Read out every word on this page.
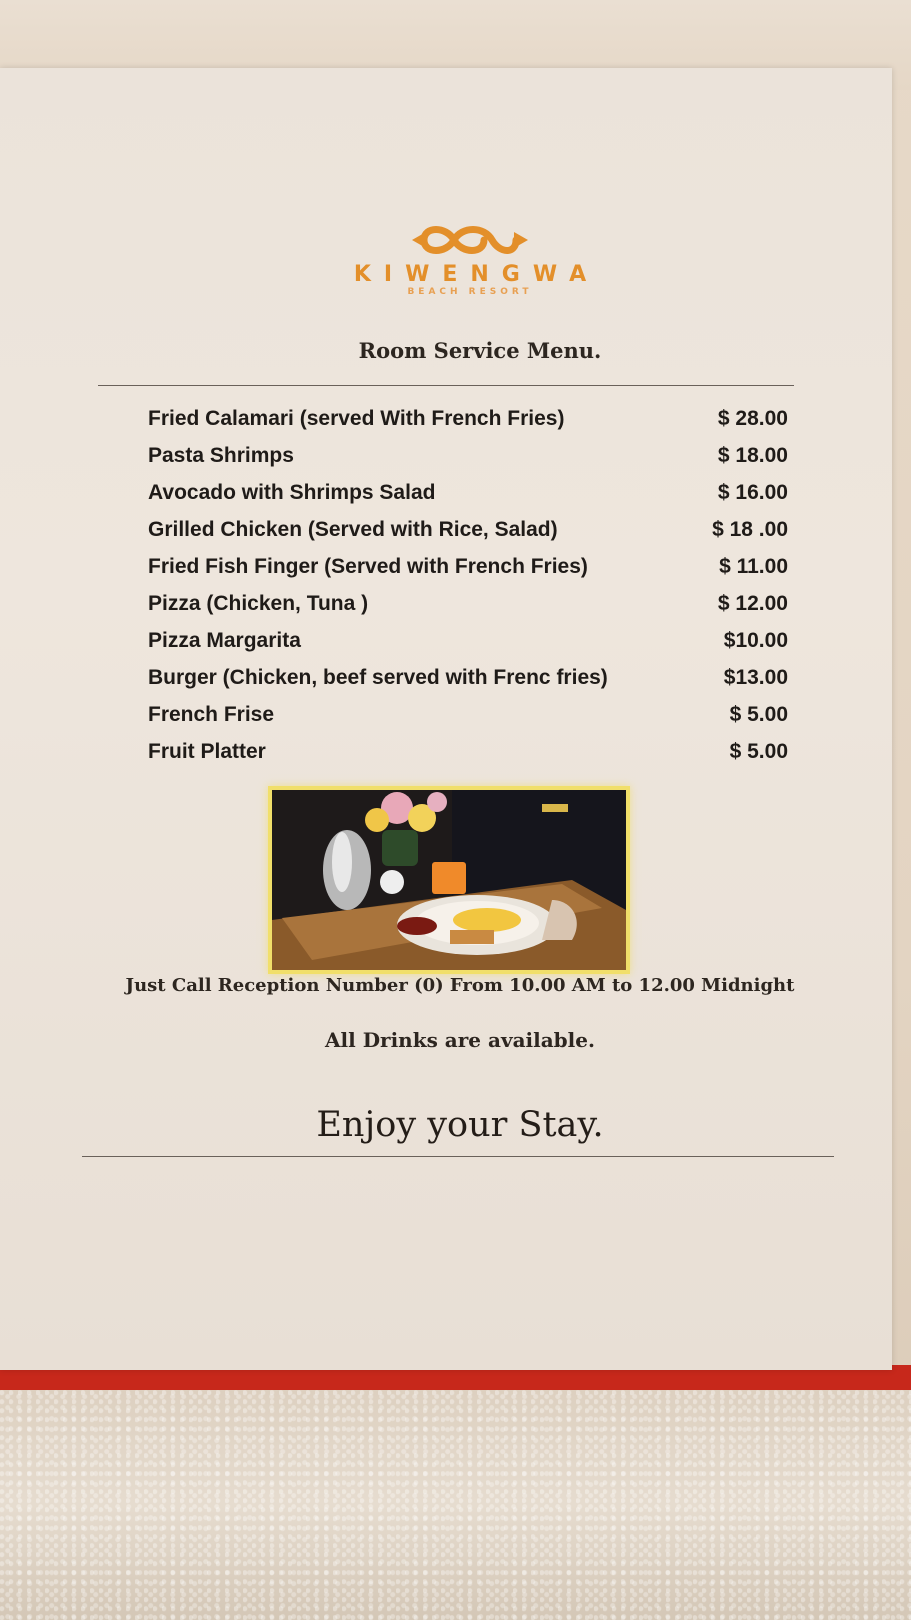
KIWENGWA
BEACH RESORT
Room Service Menu.
Fried Calamari (served With French Fries)	$ 28.00
Pasta Shrimps	$ 18.00
Avocado with Shrimps Salad	$ 16.00
Grilled Chicken (Served with Rice, Salad)	$ 18 .00
Fried Fish Finger (Served with French Fries)	$ 11.00
Pizza (Chicken, Tuna )	$ 12.00
Pizza Margarita	$10.00
Burger (Chicken, beef served with Frenc fries)	$13.00
French Frise	$ 5.00
Fruit Platter	$ 5.00
Just Call Reception Number (0) From 10.00 AM to 12.00 Midnight
All Drinks are available.
Enjoy your Stay.
